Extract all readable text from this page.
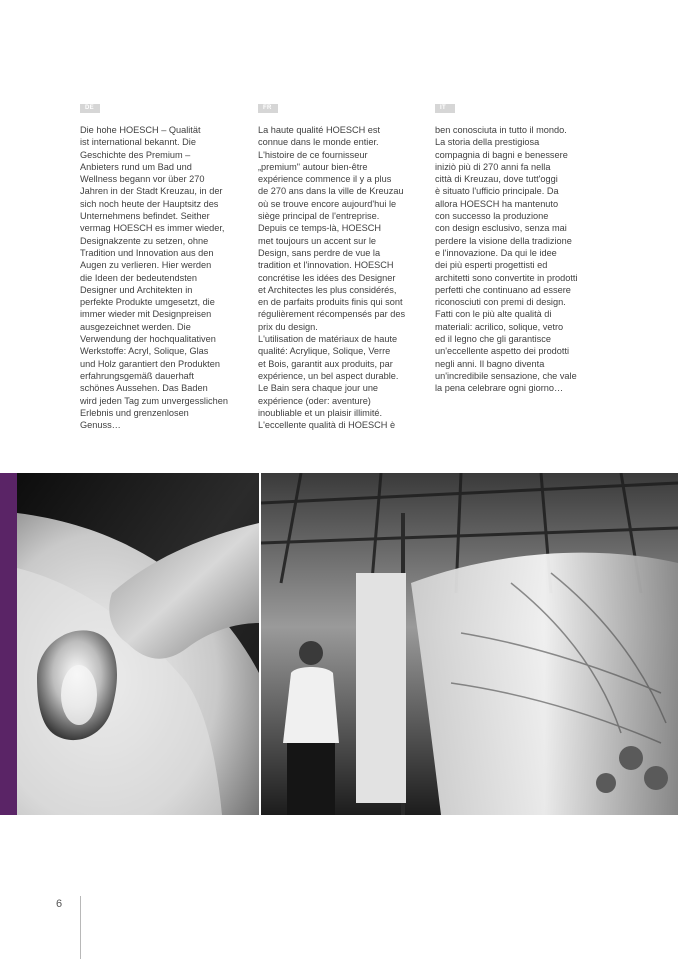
DE
Die hohe HOESCH – Qualität
ist international bekannt. Die
Geschichte des Premium –
Anbieters rund um Bad und
Wellness begann vor über 270
Jahren in der Stadt Kreuzau, in der
sich noch heute der Hauptsitz des
Unternehmens befindet. Seither
vermag HOESCH es immer wieder,
Designakzente zu setzen, ohne
Tradition und Innovation aus den
Augen zu verlieren. Hier werden
die Ideen der bedeutendsten
Designer und Architekten in
perfekte Produkte umgesetzt, die
immer wieder mit Designpreisen
ausgezeichnet werden. Die
Verwendung der hochqualitativen
Werkstoffe: Acryl, Solique, Glas
und Holz garantiert den Produkten
erfahrungsgemäß dauerhaft
schönes Aussehen. Das Baden
wird jeden Tag zum unvergesslichen
Erlebnis und grenzenlosen
Genuss…
FR
La haute qualité HOESCH est
connue dans le monde entier.
L'histoire de ce fournisseur
„premium" autour bien-être
expérience commence il y a plus
de 270 ans dans la ville de Kreuzau
où se trouve encore aujourd'hui le
siège principal de l'entreprise.
Depuis ce temps-là, HOESCH
met toujours un accent sur le
Design, sans perdre de vue la
tradition et l'innovation. HOESCH
concrétise les idées des Designer
et Architectes les plus considérés,
en de parfaits produits finis qui sont
régulièrement récompensés par des
prix du design.
L'utilisation de matériaux de haute
qualité: Acrylique, Solique, Verre
et Bois, garantit aux produits, par
expérience, un bel aspect durable.
Le Bain sera chaque jour une
expérience (oder: aventure)
inoubliable et un plaisir illimité.
L'eccellente qualità di HOESCH è
IT
ben conosciuta in tutto il mondo.
La storia della prestigiosa
compagnia di bagni e benessere
iniziò più di 270 anni fa nella
città di Kreuzau, dove tutt'oggi
è situato l'ufficio principale. Da
allora HOESCH ha mantenuto
con successo la produzione
con design esclusivo, senza mai
perdere la visione della tradizione
e l'innovazione. Da qui le idee
dei più esperti progettisti ed
architetti sono convertite in prodotti
perfetti che continuano ad essere
riconosciuti con premi di design.
Fatti con le più alte qualità di
materiali: acrilico, solique, vetro
ed il legno che gli garantisce
un'eccellente aspetto dei prodotti
negli anni. Il bagno diventa
un'incredibile sensazione, che vale
la pena celebrare ogni giorno…
6
